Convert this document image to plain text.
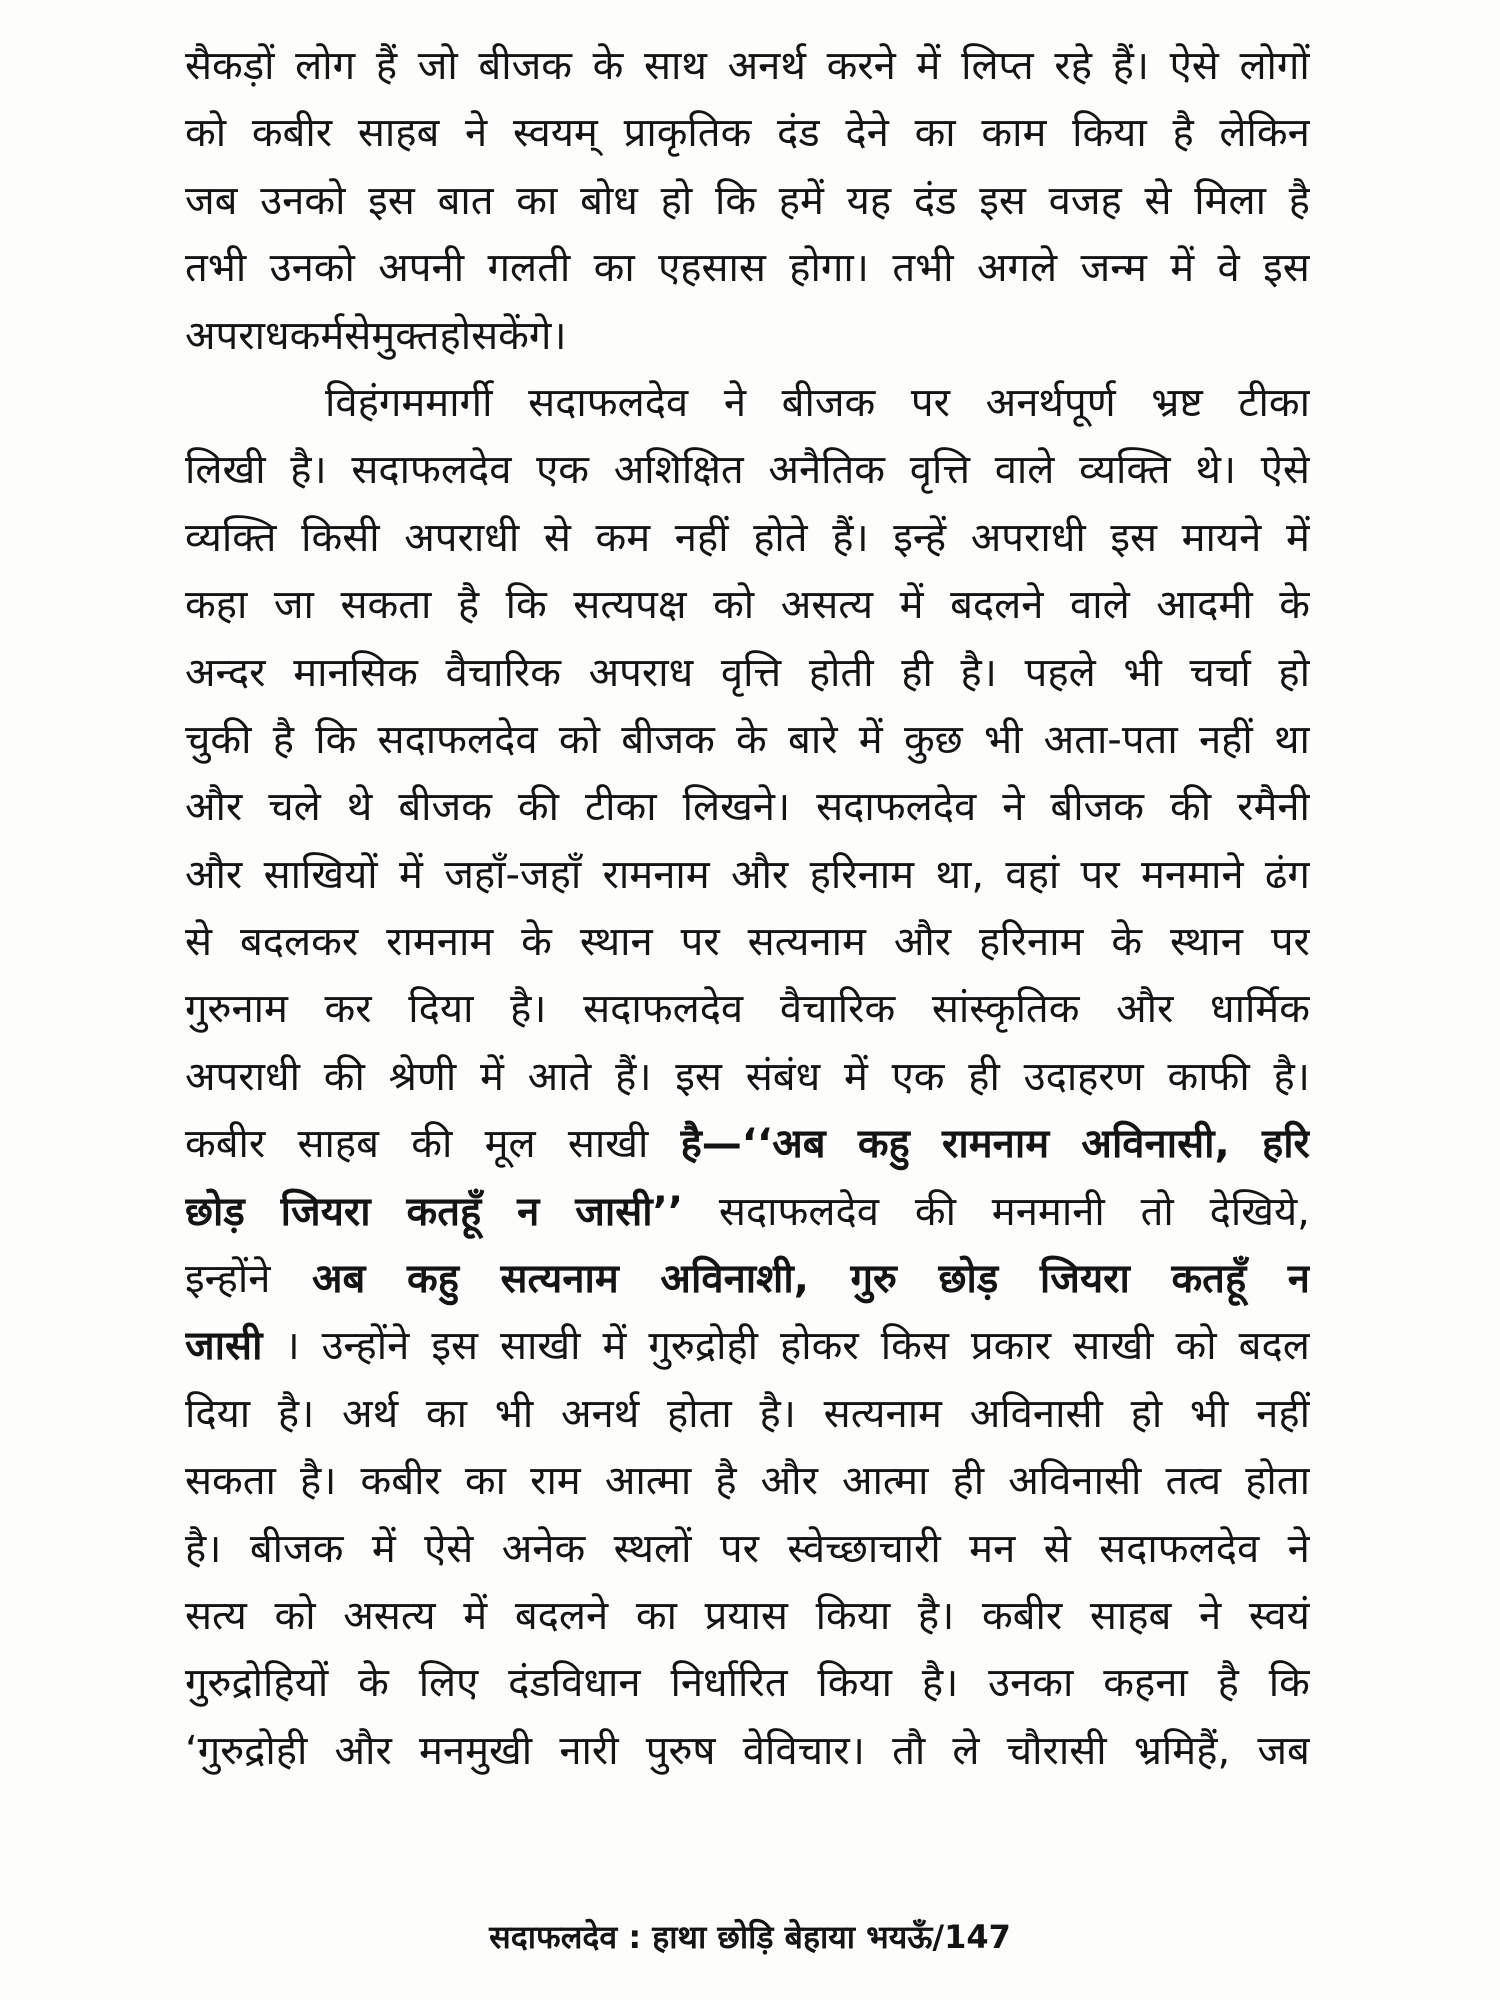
सैकड़ों लोग हैं जो बीजक के साथ अनर्थ करने में लिप्त रहे हैं। ऐसे लोगों
को कबीर साहब ने स्वयम् प्राकृतिक दंड देने का काम किया है लेकिन
जब उनको इस बात का बोध हो कि हमें यह दंड इस वजह से मिला है
तभी उनको अपनी गलती का एहसास होगा। तभी अगले जन्म में वे इस
अपराधकर्म से मुक्त हो सकेंगे।
विहंगममार्गी सदाफलदेव ने बीजक पर अनर्थपूर्ण भ्रष्ट टीका
लिखी है। सदाफलदेव एक अशिक्षित अनैतिक वृत्ति वाले व्यक्ति थे। ऐसे
व्यक्ति किसी अपराधी से कम नहीं होते हैं। इन्हें अपराधी इस मायने में
कहा जा सकता है कि सत्यपक्ष को असत्य में बदलने वाले आदमी के
अन्दर मानसिक वैचारिक अपराध वृत्ति होती ही है। पहले भी चर्चा हो
चुकी है कि सदाफलदेव को बीजक के बारे में कुछ भी अता-पता नहीं था
और चले थे बीजक की टीका लिखने। सदाफलदेव ने बीजक की रमैनी
और साखियों में जहाँ-जहाँ रामनाम और हरिनाम था, वहां पर मनमाने ढंग
से बदलकर रामनाम के स्थान पर सत्यनाम और हरिनाम के स्थान पर
गुरुनाम कर दिया है। सदाफलदेव वैचारिक सांस्कृतिक और धार्मिक
अपराधी की श्रेणी में आते हैं। इस संबंध में एक ही उदाहरण काफी है।
कबीर साहब की मूल साखी है—‘‘अब कहु रामनाम अविनासी, हरि
छोड़ जियरा कतहूँ न जासी’’ सदाफलदेव की मनमानी तो देखिये,
इन्होंने अब कहु सत्यनाम अविनाशी, गुरु छोड़ जियरा कतहूँ न
जासी । उन्होंने इस साखी में गुरुद्रोही होकर किस प्रकार साखी को बदल
दिया है। अर्थ का भी अनर्थ होता है। सत्यनाम अविनासी हो भी नहीं
सकता है। कबीर का राम आत्मा है और आत्मा ही अविनासी तत्व होता
है। बीजक में ऐसे अनेक स्थलों पर स्वेच्छाचारी मन से सदाफलदेव ने
सत्य को असत्य में बदलने का प्रयास किया है। कबीर साहब ने स्वयं
गुरुद्रोहियों के लिए दंडविधान निर्धारित किया है। उनका कहना है कि
‘गुरुद्रोही और मनमुखी नारी पुरुष वेविचार। तौ ले चौरासी भ्रमिहैं, जब
सदाफलदेव : हाथा छोड़ि बेहाया भयऊँ/147
